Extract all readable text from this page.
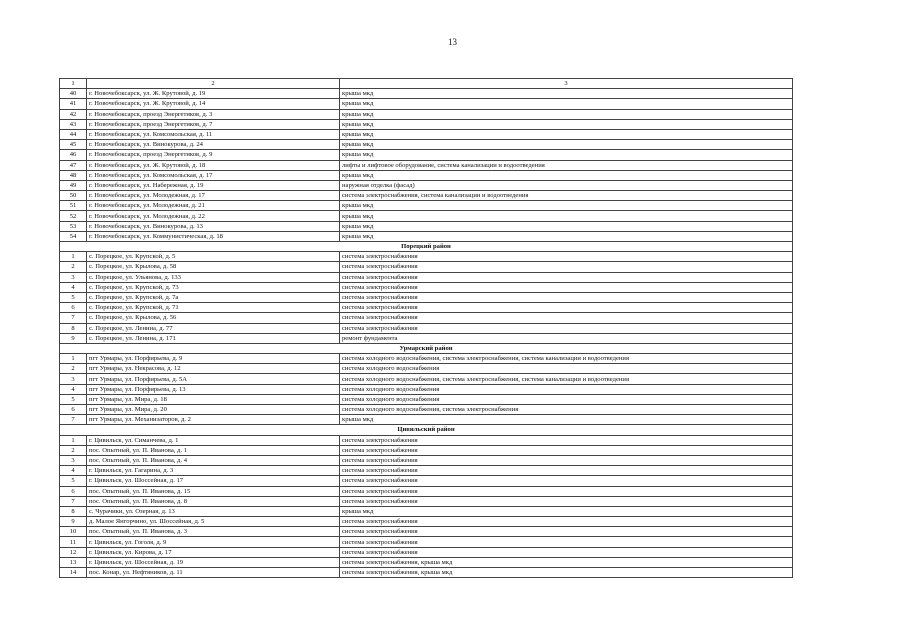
13
1	2	3
40	г. Новочебоксарск, ул. Ж. Крутовой, д. 19	крыша мкд
41	г. Новочебоксарск, ул. Ж. Крутовой, д. 14	крыша мкд
42	г. Новочебоксарск, проезд Энергетиков, д. 3	крыша мкд
43	г. Новочебоксарск, проезд Энергетиков, д. 7	крыша мкд
44	г. Новочебоксарск, ул. Комсомольская, д. 11	крыша мкд
45	г. Новочебоксарск, ул. Винокурова, д. 24	крыша мкд
46	г. Новочебоксарск, проезд Энергетиков, д. 9	крыша мкд
47	г. Новочебоксарск, ул. Ж. Крутовой, д. 18	лифты и лифтовое оборудование, система канализации и водоотведения
48	г. Новочебоксарск, ул. Комсомольская, д. 17	крыша мкд
49	г. Новочебоксарск, ул. Набережная, д. 19	наружная отделка (фасад)
50	г. Новочебоксарск, ул. Молодежная, д. 17	система электроснабжения, система канализации и водоотведения
51	г. Новочебоксарск, ул. Молодежная, д. 21	крыша мкд
52	г. Новочебоксарск, ул. Молодежная, д. 22	крыша мкд
53	г. Новочебоксарск, ул. Винокурова, д. 13	крыша мкд
54	г. Новочебоксарск, ул. Коммунистическая, д. 18	крыша мкд
Порецкий район		
1	с. Порецкое, ул. Крупской, д. 5	система электроснабжения
2	с. Порецкое, ул. Крылова, д. 58	система электроснабжения
3	с. Порецкое, ул. Ульянова, д. 133	система электроснабжения
4	с. Порецкое, ул. Крупской, д. 73	система электроснабжения
5	с. Порецкое, ул. Крупской, д. 7а	система электроснабжения
6	с. Порецкое, ул. Крупской, д. 71	система электроснабжения
7	с. Порецкое, ул. Крылова, д. 56	система электроснабжения
8	с. Порецкое, ул. Ленина, д. 77	система электроснабжения
9	с. Порецкое, ул. Ленина, д. 171	ремонт фундамента
Урмарский район		
1	пгт Урмары, ул. Порфирьева, д. 9	система холодного водоснабжения, система электроснабжения, система канализации и водоотведения
2	пгт Урмары, ул. Некрасова, д. 12	система холодного водоснабжения
3	пгт Урмары, ул. Порфирьева, д. 5А	система холодного водоснабжения, система электроснабжения, система канализации и водоотведения
4	пгт Урмары, ул. Порфирьева, д. 13	система холодного водоснабжения
5	пгт Урмары, ул. Мира, д. 18	система холодного водоснабжения
6	пгт Урмары, ул. Мира, д. 20	система холодного водоснабжения, система электроснабжения
7	пгт Урмары, ул. Механизаторов, д. 2	крыша мкд
Цивильский район		
1	г. Цивильск, ул. Симанчева, д. 1	система электроснабжения
2	пос. Опытный, ул. П. Иванова, д. 1	система электроснабжения
3	пос. Опытный, ул. П. Иванова, д. 4	система электроснабжения
4	г. Цивильск, ул. Гагарина, д. 3	система электроснабжения
5	г. Цивильск, ул. Шоссейная, д. 17	система электроснабжения
6	пос. Опытный, ул. П. Иванова, д. 15	система электроснабжения
7	пос. Опытный, ул. П. Иванова, д. 8	система электроснабжения
8	с. Чурачики, ул. Озерная, д. 13	крыша мкд
9	д. Малое Янгорчино, ул. Шоссейная, д. 5	система электроснабжения
10	пос. Опытный, ул. П. Иванова, д. 3	система электроснабжения
11	г. Цивильск, ул. Гоголя, д. 9	система электроснабжения
12	г. Цивильск, ул. Кирова, д. 17	система электроснабжения
13	г. Цивильск, ул. Шоссейная, д. 19	система электроснабжения, крыша мкд
14	пос. Конар, ул. Нефтяников, д. 11	система электроснабжения, крыша мкд
